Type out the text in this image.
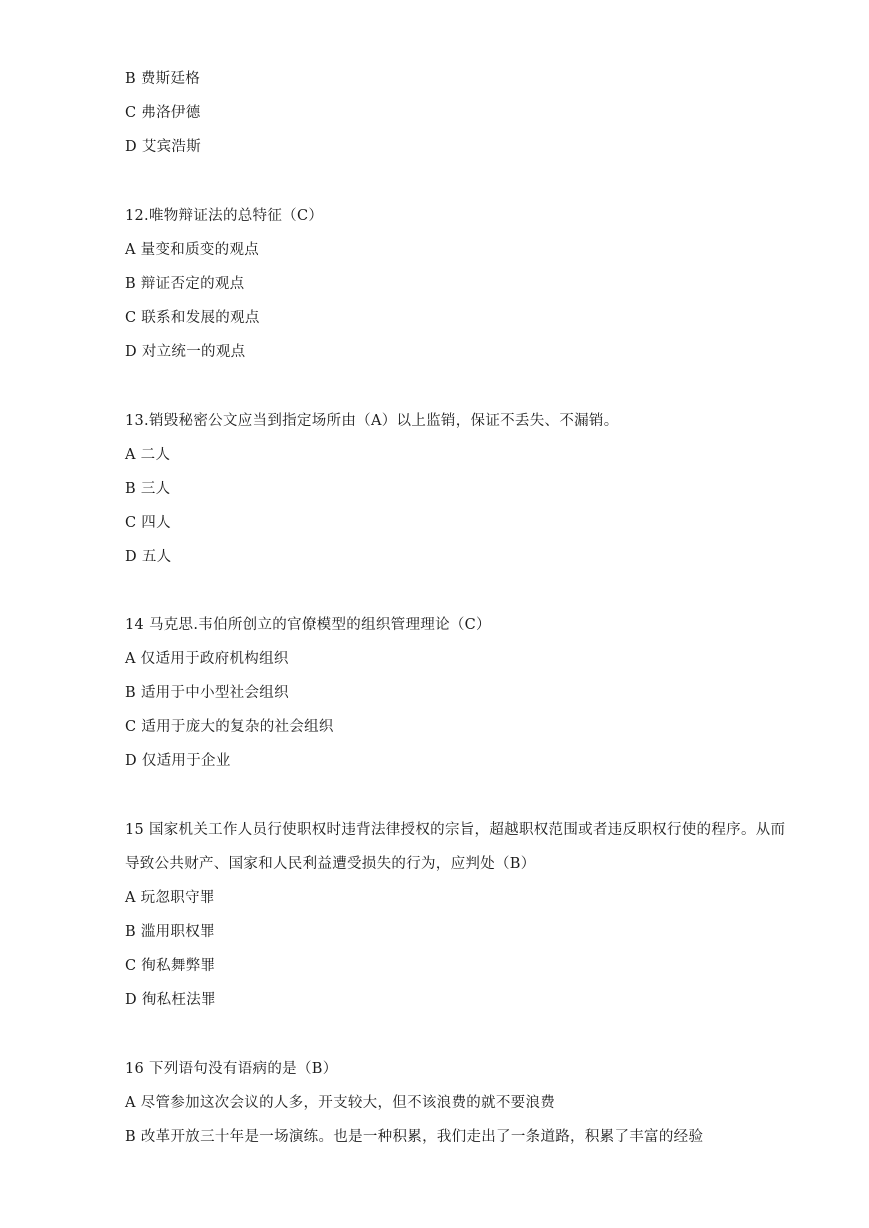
B 费斯廷格
C 弗洛伊德
D 艾宾浩斯
12.唯物辩证法的总特征（C）
A 量变和质变的观点
B 辩证否定的观点
C 联系和发展的观点
D 对立统一的观点
13.销毁秘密公文应当到指定场所由（A）以上监销，保证不丢失、不漏销。
A 二人
B 三人
C 四人
D 五人
14 马克思.韦伯所创立的官僚模型的组织管理理论（C）
A 仅适用于政府机构组织
B 适用于中小型社会组织
C 适用于庞大的复杂的社会组织
D 仅适用于企业
15 国家机关工作人员行使职权时违背法律授权的宗旨，超越职权范围或者违反职权行使的程序。从而
导致公共财产、国家和人民利益遭受损失的行为，应判处（B）
A 玩忽职守罪
B 滥用职权罪
C 徇私舞弊罪
D 徇私枉法罪
16 下列语句没有语病的是（B）
A 尽管参加这次会议的人多，开支较大，但不该浪费的就不要浪费
B 改革开放三十年是一场演练。也是一种积累，我们走出了一条道路，积累了丰富的经验
